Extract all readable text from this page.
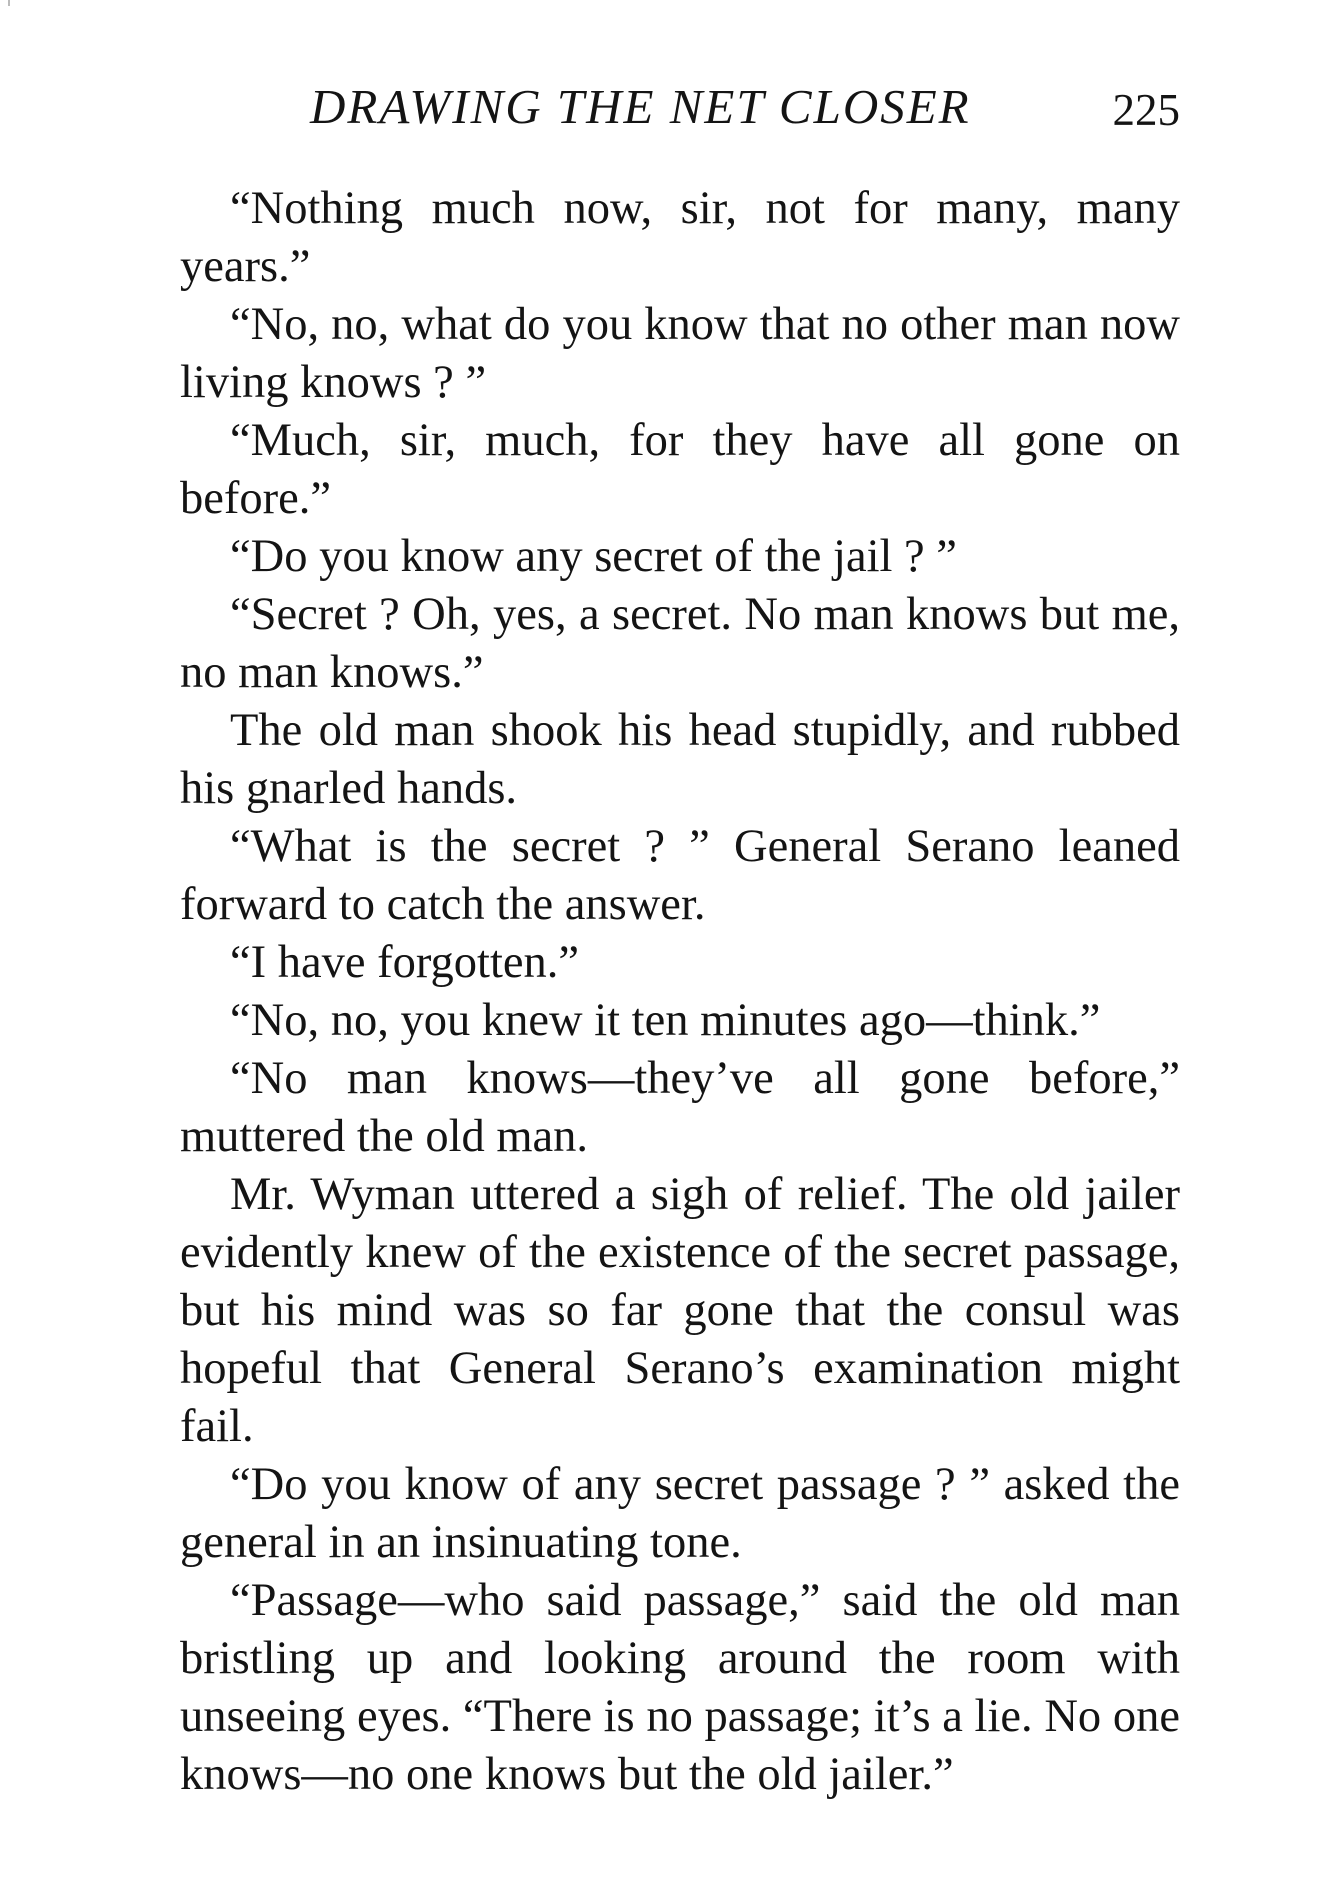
DRAWING THE NET CLOSER	225

“Nothing much now, sir, not for many, many years.”

“No, no, what do you know that no other man now living knows ? ”

“Much, sir, much, for they have all gone on before.”

“Do you know any secret of the jail ? ”

“Secret ? Oh, yes, a secret. No man knows but me, no man knows.”

The old man shook his head stupidly, and rubbed his gnarled hands.

“What is the secret ? ” General Serano leaned forward to catch the answer.

“I have forgotten.”

“No, no, you knew it ten minutes ago—think.”

“No man knows—they’ve all gone before,” muttered the old man.

Mr. Wyman uttered a sigh of relief. The old jailer evidently knew of the existence of the secret passage, but his mind was so far gone that the consul was hopeful that General Serano’s examination might fail.

“Do you know of any secret passage ? ” asked the general in an insinuating tone.

“Passage—who said passage,” said the old man bristling up and looking around the room with unseeing eyes. “There is no passage; it’s a lie. No one knows—no one knows but the old jailer.”
